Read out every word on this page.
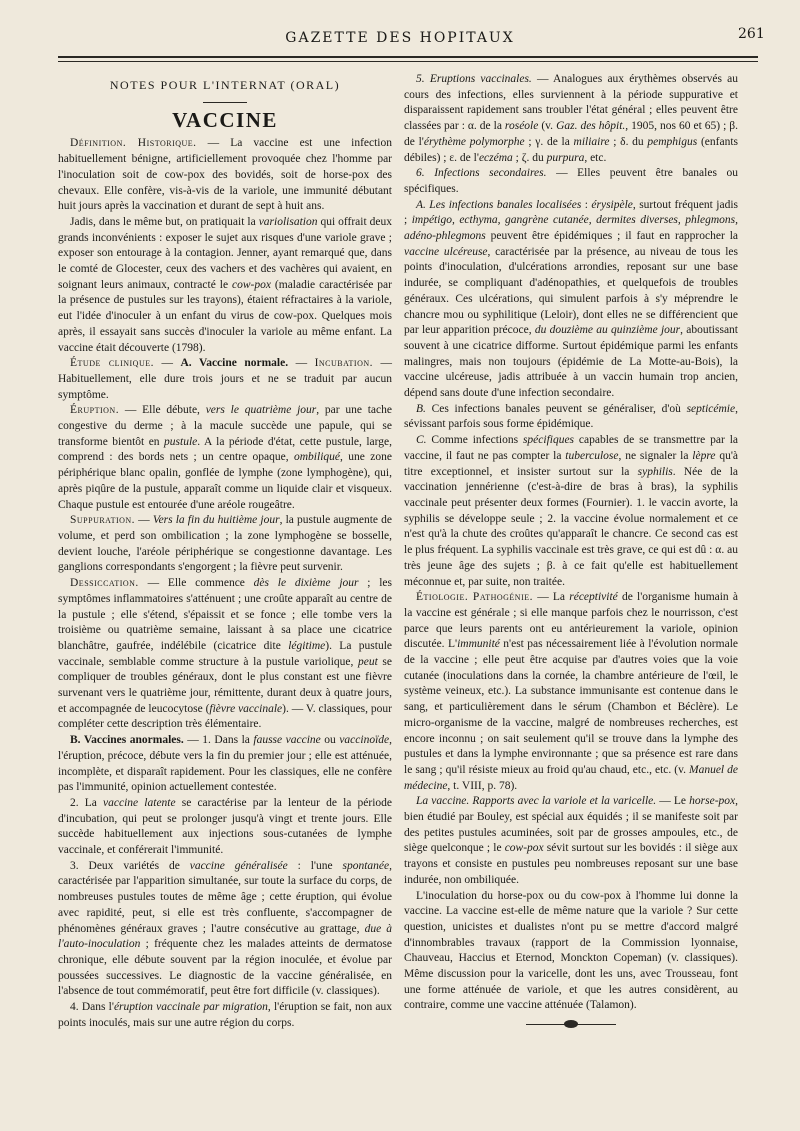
GAZETTE DES HOPITAUX	261
NOTES POUR L'INTERNAT (ORAL)
VACCINE

Définition. Historique. — La vaccine est une infection habituellement bénigne, artificiellement provoquée chez l'homme par l'inoculation soit de cow-pox des bovidés, soit de horse-pox des chevaux. Elle confère, vis-à-vis de la variole, une immunité débutant huit jours après la vaccination et durant de sept à huit ans.

Jadis, dans le même but, on pratiquait la variolisation qui offrait deux grands inconvénients : exposer le sujet aux risques d'une variole grave ; exposer son entourage à la contagion. Jenner, ayant remarqué que, dans le comté de Glocester, ceux des vachers et des vachères qui avaient, en soignant leurs animaux, contracté le cow-pox (maladie caractérisée par la présence de pustules sur les trayons), étaient réfractaires à la variole, eut l'idée d'inoculer à un enfant du virus de cow-pox. Quelques mois après, il essayait sans succès d'inoculer la variole au même enfant. La vaccine était découverte (1798).

Étude clinique. — A. Vaccine normale. — Incubation. — Habituellement, elle dure trois jours et ne se traduit par aucun symptôme.

Éruption. — Elle débute, vers le quatrième jour, par une tache congestive du derme ; à la macule succède une papule, qui se transforme bientôt en pustule. A la période d'état, cette pustule, large, comprend : des bords nets ; un centre opaque, ombiliqué, une zone périphérique blanc opalin, gonflée de lymphe (zone lymphogène), qui, après piqûre de la pustule, apparaît comme un liquide clair et visqueux. Chaque pustule est entourée d'une aréole rougeâtre.

Suppuration. — Vers la fin du huitième jour, la pustule augmente de volume, et perd son ombilication ; la zone lymphogène se bosselle, devient louche, l'aréole périphérique se congestionne davantage. Les ganglions correspondants s'engorgent ; la fièvre peut survenir.

Dessiccation. — Elle commence dès le dixième jour ; les symptômes inflammatoires s'atténuent ; une croûte apparaît au centre de la pustule ; elle s'étend, s'épaissit et se fonce ; elle tombe vers la troisième ou quatrième semaine, laissant à sa place une cicatrice blanchâtre, gaufrée, indélébile (cicatrice dite légitime). La pustule vaccinale, semblable comme structure à la pustule variolique, peut se compliquer de troubles généraux, dont le plus constant est une fièvre survenant vers le quatrième jour, rémittente, durant deux à quatre jours, et accompagnée de leucocytose (fièvre vaccinale). — V. classiques, pour compléter cette description très élémentaire.

B. Vaccines anormales. — 1. Dans la fausse vaccine ou vaccinoïde, l'éruption, précoce, débute vers la fin du premier jour ; elle est atténuée, incomplète, et disparaît rapidement. Pour les classiques, elle ne confère pas l'immunité, opinion actuellement contestée.

2. La vaccine latente se caractérise par la lenteur de la période d'incubation, qui peut se prolonger jusqu'à vingt et trente jours. Elle succède habituellement aux injections sous-cutanées de lymphe vaccinale, et conférerait l'immunité.

3. Deux variétés de vaccine généralisée : l'une spontanée, caractérisée par l'apparition simultanée, sur toute la surface du corps, de nombreuses pustules toutes de même âge ; cette éruption, qui évolue avec rapidité, peut, si elle est très confluente, s'accompagner de phénomènes généraux graves ; l'autre consécutive au grattage, due à l'auto-inoculation ; fréquente chez les malades atteints de dermatose chronique, elle débute souvent par la région inoculée, et évolue par poussées successives. Le diagnostic de la vaccine généralisée, en l'absence de tout commémoratif, peut être fort difficile (v. classiques).

4. Dans l'éruption vaccinale par migration, l'éruption se fait, non aux points inoculés, mais sur une autre région du corps.

5. Eruptions vaccinales. — Analogues aux érythèmes observés au cours des infections, elles surviennent à la période suppurative et disparaissent rapidement sans troubler l'état général ; elles peuvent être classées par : α. de la roséole (v. Gaz. des hôpit., 1905, nos 60 et 65) ; β. de l'érythème polymorphe ; γ. de la miliaire ; δ. du pemphigus (enfants débiles) ; ε. de l'eczéma ; ζ. du purpura, etc.

6. Infections secondaires. — Elles peuvent être banales ou spécifiques.

A. Les infections banales localisées : érysipèle, surtout fréquent jadis ; impétigo, ecthyma, gangrène cutanée, dermites diverses, phlegmons, adéno-phlegmons peuvent être épidémiques ; il faut en rapprocher la vaccine ulcéreuse, caractérisée par la présence, au niveau de tous les points d'inoculation, d'ulcérations arrondies, reposant sur une base indurée, se compliquant d'adénopathies, et quelquefois de troubles généraux. Ces ulcérations, qui simulent parfois à s'y méprendre le chancre mou ou syphilitique (Leloir), dont elles ne se différencient que par leur apparition précoce, du douzième au quinzième jour, aboutissant souvent à une cicatrice difforme. Surtout épidémique parmi les enfants malingres, mais non toujours (épidémie de La Motte-au-Bois), la vaccine ulcéreuse, jadis attribuée à un vaccin humain trop ancien, dépend sans doute d'une infection secondaire.

B. Ces infections banales peuvent se généraliser, d'où septicémie, sévissant parfois sous forme épidémique.

C. Comme infections spécifiques capables de se transmettre par la vaccine, il faut ne pas compter la tuberculose, ne signaler la lèpre qu'à titre exceptionnel, et insister surtout sur la syphilis. Née de la vaccination jennérienne (c'est-à-dire de bras à bras), la syphilis vaccinale peut présenter deux formes (Fournier). 1. le vaccin avorte, la syphilis se développe seule ; 2. la vaccine évolue normalement et ce n'est qu'à la chute des croûtes qu'apparaît le chancre. Ce second cas est le plus fréquent. La syphilis vaccinale est très grave, ce qui est dû : α. au très jeune âge des sujets ; β. à ce fait qu'elle est habituellement méconnue et, par suite, non traitée.

Étiologie. Pathogénie. — La réceptivité de l'organisme humain à la vaccine est générale ; si elle manque parfois chez le nourrisson, c'est parce que leurs parents ont eu antérieurement la variole, opinion discutée. L'immunité n'est pas nécessairement liée à l'évolution normale de la vaccine ; elle peut être acquise par d'autres voies que la voie cutanée (inoculations dans la cornée, la chambre antérieure de l'œil, le système veineux, etc.). La substance immunisante est contenue dans le sang, et particulièrement dans le sérum (Chambon et Béclère). Le micro-organisme de la vaccine, malgré de nombreuses recherches, est encore inconnu ; on sait seulement qu'il se trouve dans la lymphe des pustules et dans la lymphe environnante ; que sa présence est rare dans le sang ; qu'il résiste mieux au froid qu'au chaud, etc., etc. (v. Manuel de médecine, t. VIII, p. 78).

La vaccine. Rapports avec la variole et la varicelle. — Le horse-pox, bien étudié par Bouley, est spécial aux équidés ; il se manifeste soit par des petites pustules acuminées, soit par de grosses ampoules, etc., de siège quelconque ; le cow-pox sévit surtout sur les bovidés : il siège aux trayons et consiste en pustules peu nombreuses reposant sur une base indurée, non ombiliquée.

L'inoculation du horse-pox ou du cow-pox à l'homme lui donne la vaccine. La vaccine est-elle de même nature que la variole ? Sur cette question, unicistes et dualistes n'ont pu se mettre d'accord malgré d'innombrables travaux (rapport de la Commission lyonnaise, Chauveau, Haccius et Eternod, Monckton Copeman) (v. classiques). Même discussion pour la varicelle, dont les uns, avec Trousseau, font une forme atténuée de variole, et que les autres considèrent, au contraire, comme une vaccine atténuée (Talamon).
